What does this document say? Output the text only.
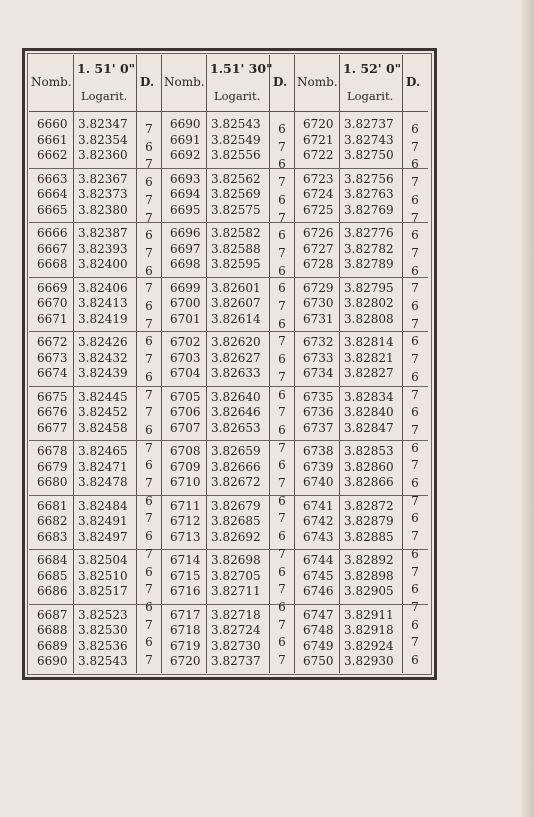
Nomb.
1. 51' 0"
Logarit.
D.
6660 3.82347
6661 3.82354
6662 3.82360
6663 3.82367
6664 3.82373
6665 3.82380
6666 3.82387
6667 3.82393
6668 3.82400
6669 3.82406
6670 3.82413
6671 3.82419
6672 3.82426
6673 3.82432
6674 3.82439
6675 3.82445
6676 3.82452
6677 3.82458
6678 3.82465
6679 3.82471
6680 3.82478
6681 3.82484
6682 3.82491
6683 3.82497
6684 3.82504
6685 3.82510
6686 3.82517
6687 3.82523
6688 3.82530
6689 3.82536
6690 3.82543
7
6
7
6
7
7
6
7
6
7
6
7
6
7
6
7
7
6
7
6
7
6
7
6
7
6
7
6
7
6
7
Nomb.
1.51' 30"
Logarit.
D.
6690 3.82543
6691 3.82549
6692 3.82556
6693 3.82562
6694 3.82569
6695 3.82575
6696 3.82582
6697 3.82588
6698 3.82595
6699 3.82601
6700 3.82607
6701 3.82614
6702 3.82620
6703 3.82627
6704 3.82633
6705 3.82640
6706 3.82646
6707 3.82653
6708 3.82659
6709 3.82666
6710 3.82672
6711 3.82679
6712 3.82685
6713 3.82692
6714 3.82698
6715 3.82705
6716 3.82711
6717 3.82718
6718 3.82724
6719 3.82730
6720 3.82737
6
7
6
7
6
7
6
7
6
6
7
6
7
6
7
6
7
6
7
6
7
6
7
6
7
6
7
6
7
6
7
Nomb.
1. 52' 0"
Logarit.
D.
6720 3.82737
6721 3.82743
6722 3.82750
6723 3.82756
6724 3.82763
6725 3.82769
6726 3.82776
6727 3.82782
6728 3.82789
6729 3.82795
6730 3.82802
6731 3.82808
6732 3.82814
6733 3.82821
6734 3.82827
6735 3.82834
6736 3.82840
6737 3.82847
6738 3.82853
6739 3.82860
6740 3.82866
6741 3.82872
6742 3.82879
6743 3.82885
6744 3.82892
6745 3.82898
6746 3.82905
6747 3.82911
6748 3.82918
6749 3.82924
6750 3.82930
6
7
6
7
6
7
6
7
6
7
6
7
6
7
6
7
6
7
6
7
6
7
6
7
6
7
6
7
6
7
6
